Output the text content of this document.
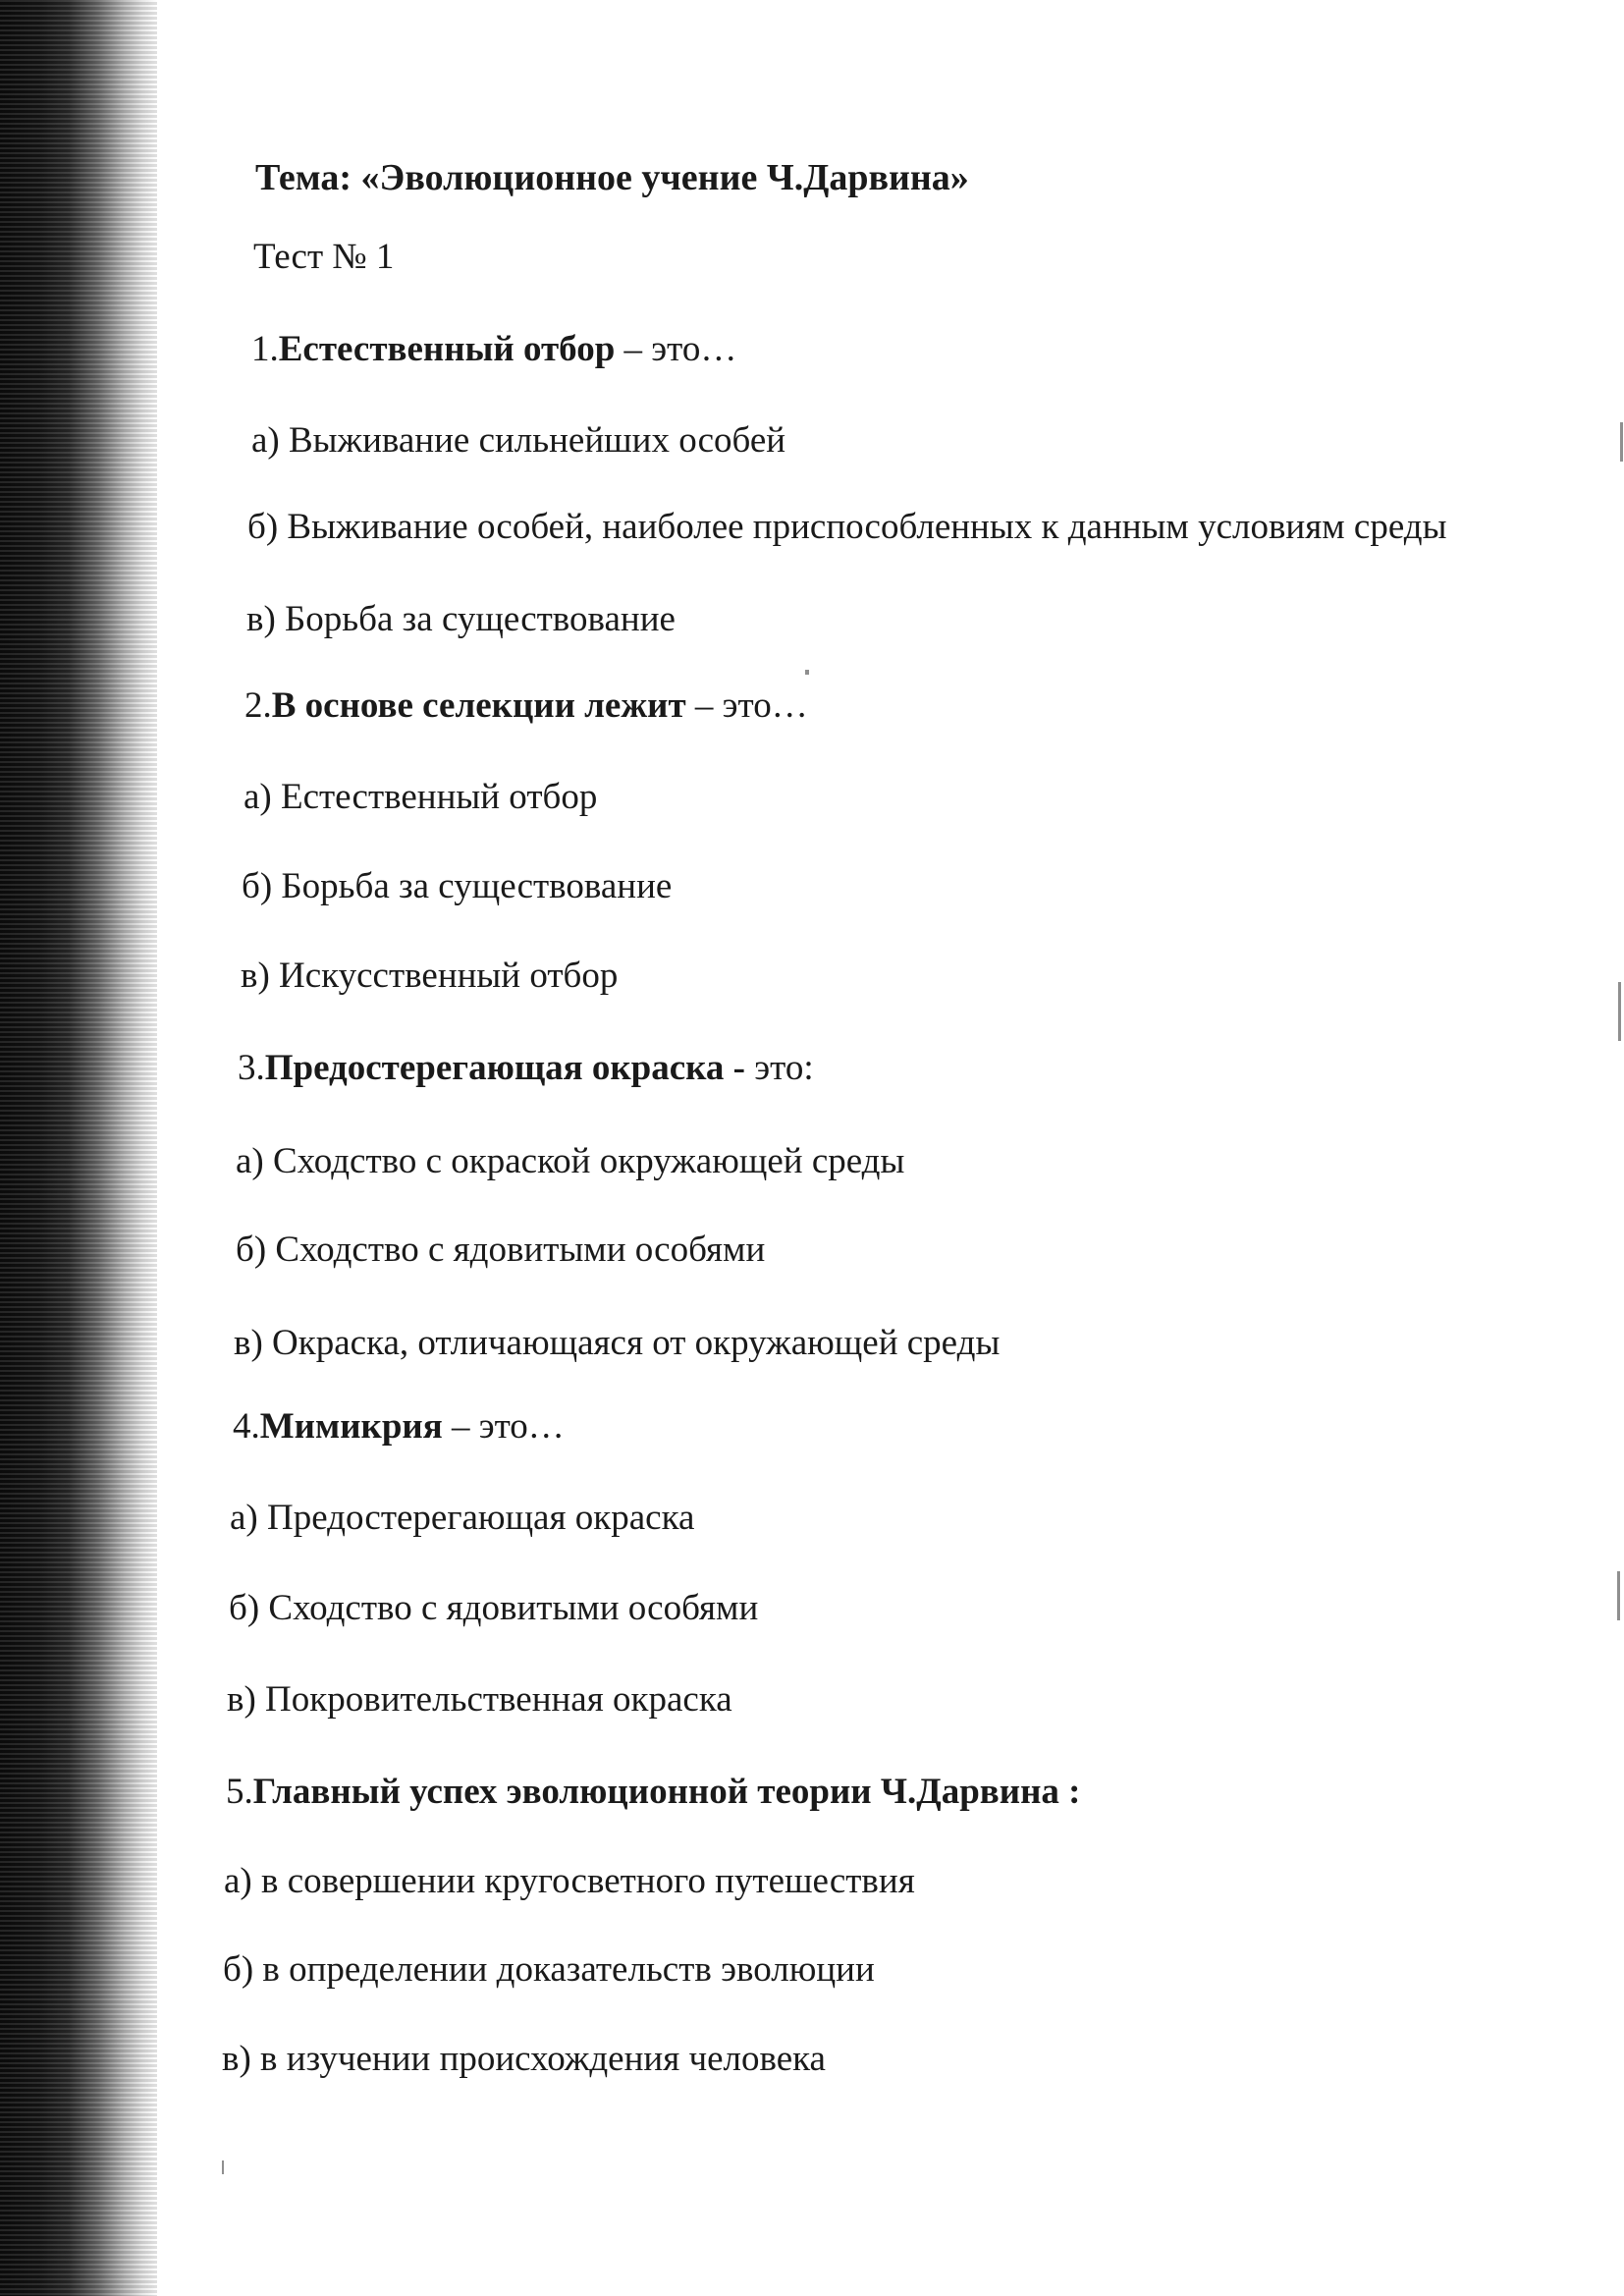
Тема: «Эволюционное учение Ч.Дарвина»
Тест № 1
1.Естественный отбор – это…
а) Выживание сильнейших особей
б) Выживание особей, наиболее приспособленных к данным условиям среды
в) Борьба за существование
2.В основе селекции лежит – это…
а) Естественный отбор
б) Борьба за существование
в) Искусственный отбор
3.Предостерегающая окраска - это:
а) Сходство с окраской окружающей среды
б) Сходство с ядовитыми особями
в) Окраска, отличающаяся от окружающей среды
4.Мимикрия – это…
а) Предостерегающая окраска
б) Сходство с ядовитыми особями
в) Покровительственная окраска
5.Главный успех эволюционной теории Ч.Дарвина :
а) в совершении кругосветного путешествия
б) в определении доказательств эволюции
в) в изучении происхождения человека
